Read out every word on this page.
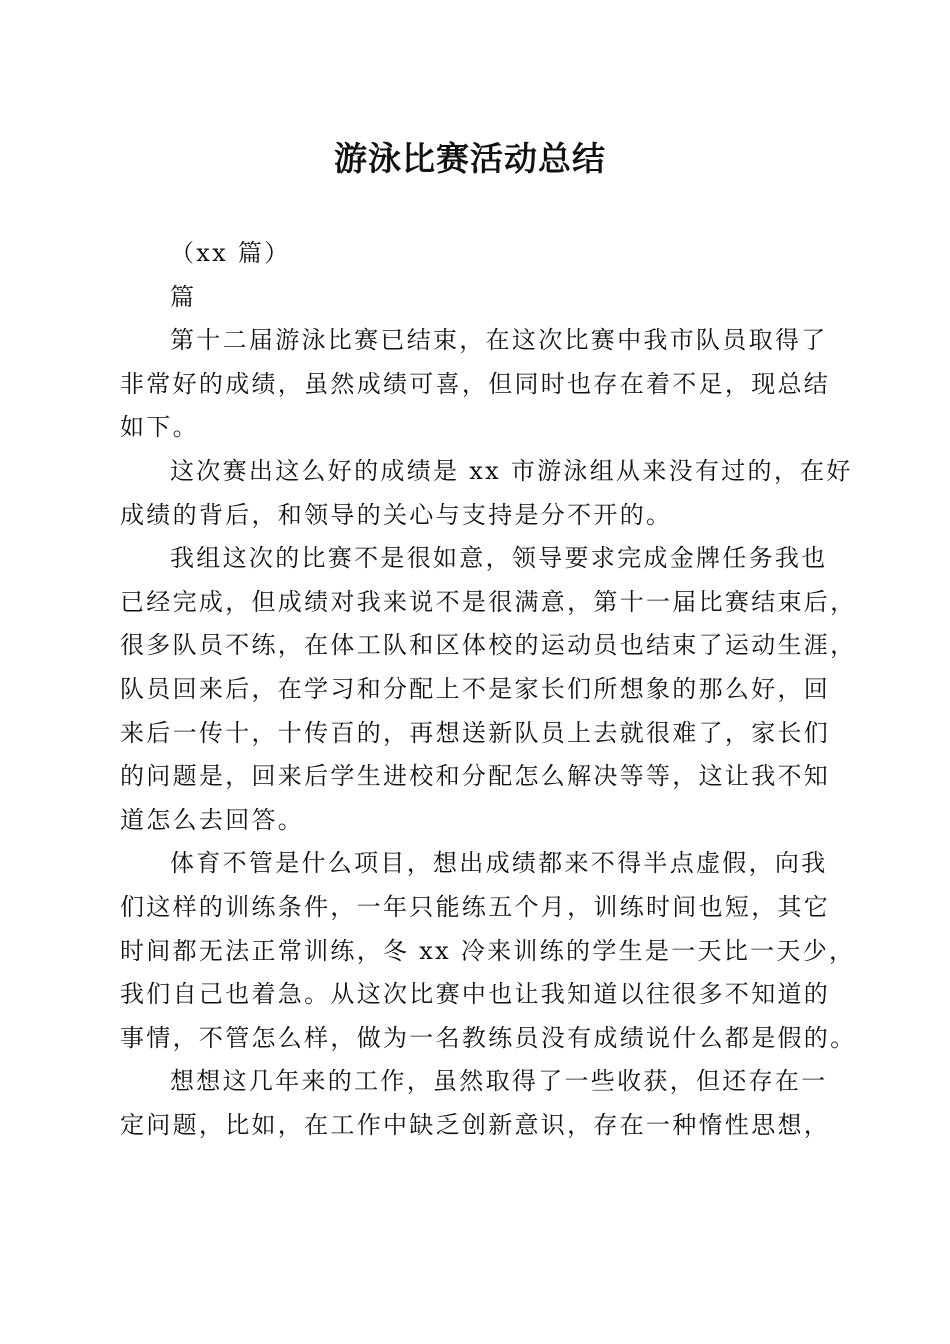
游泳比赛活动总结

（xx 篇）

篇

第十二届游泳比赛已结束，在这次比赛中我市队员取得了

非常好的成绩，虽然成绩可喜，但同时也存在着不足，现总结

如下。

这次赛出这么好的成绩是 xx 市游泳组从来没有过的，在好

成绩的背后，和领导的关心与支持是分不开的。

我组这次的比赛不是很如意，领导要求完成金牌任务我也

已经完成，但成绩对我来说不是很满意，第十一届比赛结束后，

很多队员不练，在体工队和区体校的运动员也结束了运动生涯，

队员回来后，在学习和分配上不是家长们所想象的那么好，回

来后一传十，十传百的，再想送新队员上去就很难了，家长们

的问题是，回来后学生进校和分配怎么解决等等，这让我不知

道怎么去回答。

体育不管是什么项目，想出成绩都来不得半点虚假，向我

们这样的训练条件，一年只能练五个月，训练时间也短，其它

时间都无法正常训练，冬 xx 冷来训练的学生是一天比一天少，

我们自己也着急。从这次比赛中也让我知道以往很多不知道的

事情，不管怎么样，做为一名教练员没有成绩说什么都是假的。

想想这几年来的工作，虽然取得了一些收获，但还存在一

定问题，比如，在工作中缺乏创新意识，存在一种惰性思想，
